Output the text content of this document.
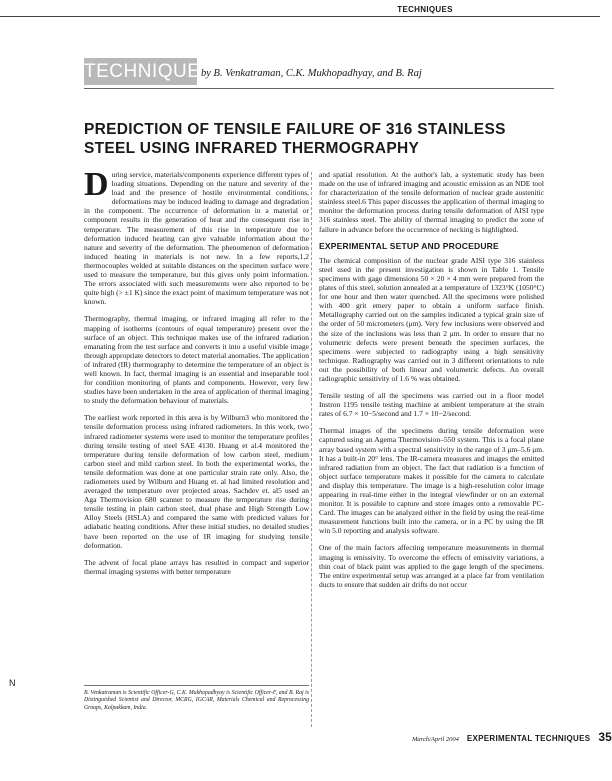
TECHNIQUES
TECHNIQUES
by B. Venkatraman, C.K. Mukhopadhyay, and B. Raj
PREDICTION OF TENSILE FAILURE OF 316 STAINLESS
STEEL USING INFRARED THERMOGRAPHY

During service, materials/components experience different types of loading situations. Depending on the nature and severity of the load and the presence of hostile environmental conditions, deformations may be induced leading to damage and degradation in the component. The occurrence of deformation in a material or component results in the generation of heat and the consequent rise in temperature. The measurement of this rise in temperature due to deformation induced heating can give valuable information about the nature and severity of the deformation. The phenomenon of deformation induced heating in materials is not new. In a few reports,1,2 thermocouples welded at suitable distances on the specimen surface were used to measure the temperature, but this gives only point information. The errors associated with such measurements were also reported to be quite high (> ±1 K) since the exact point of maximum temperature was not known.

Thermography, thermal imaging, or infrared imaging all refer to the mapping of isotherms (contours of equal temperature) present over the surface of an object. This technique makes use of the infrared radiation emanating from the test surface and converts it into a useful visible image through appropriate detectors to detect material anomalies. The application of infrared (IR) thermography to determine the temperature of an object is well known. In fact, thermal imaging is an essential and inseparable tool for condition monitoring of plants and components. However, very few studies have been undertaken in the area of application of thermal imaging to study the deformation behaviour of materials.

The earliest work reported in this area is by Wilburn3 who monitored the tensile deformation process using infrared radiometers. In this work, two infrared radiometer systems were used to monitor the temperature profiles during tensile testing of steel SAE 4130. Huang et al.4 monitored the temperature during tensile deformation of low carbon steel, medium carbon steel and mild carbon steel. In both the experimental works, the tensile deformation was done at one particular strain rate only. Also, the radiometers used by Wilburn and Huang et. al had limited resolution and averaged the temperature over projected areas. Sachdev et. al5 used an Aga Thermovision 680 scanner to measure the temperature rise during tensile testing in plain carbon steel, dual phase and High Strength Low Alloy Steels (HSLA) and compared the same with predicted values for adiabatic heating conditions. After these initial studies, no detailed studies have been reported on the use of IR imaging for studying tensile deformation.

The advent of focal plane arrays has resulted in compact and superior thermal imaging systems with better temperature

and spatial resolution. At the author's lab, a systematic study has been made on the use of infrared imaging and acoustic emission as an NDE tool for characterization of the tensile deformation of nuclear grade austenitic stainless steel.6 This paper discusses the application of thermal imaging to monitor the deformation process during tensile deformation of AISI type 316 stainless steel. The ability of thermal imaging to predict the zone of failure in advance before the occurrence of necking is highlighted.

EXPERIMENTAL SETUP AND PROCEDURE

The chemical composition of the nuclear grade AISI type 316 stainless steel used in the present investigation is shown in Table 1. Tensile specimens with gage dimensions 50 × 20 × 4 mm were prepared from the plates of this steel, solution annealed at a temperature of 1323°K (1050°C) for one hour and then water quenched. All the specimens were polished with 400 grit emery paper to obtain a uniform surface finish. Metallography carried out on the samples indicated a typical grain size of the order of 50 micrometers (μm). Very few inclusions were observed and the size of the inclusions was less than 2 μm. In order to ensure that no volumetric defects were present beneath the specimen surfaces, the specimens were subjected to radiography using a high sensitivity technique. Radiography was carried out in 3 different orientations to rule out the possibility of both linear and volumetric defects. An overall radiographic sensitivity of 1.6 % was obtained.

Tensile testing of all the specimens was carried out in a floor model Instron 1195 tensile testing machine at ambient temperature at the strain rates of 6.7 × 10−5/second and 1.7 × 10−2/second.

Thermal images of the specimens during tensile deformation were captured using an Agema Thermovision–550 system. This is a focal plane array based system with a spectral sensitivity in the range of 3 μm–5.6 μm. It has a built-in 20° lens. The IR-camera measures and images the emitted infrared radiation from an object. The fact that radiation is a function of object surface temperature makes it possible for the camera to calculate and display this temperature. The image is a high-resolution color image appearing in real-time either in the integral viewfinder or on an external monitor. It is possible to capture and store images onto a removable PC-Card. The images can be analyzed either in the field by using the real-time measurement functions built into the camera, or in a PC by using the IR win 5.0 reporting and analysis software.

One of the main factors affecting temperature measurements in thermal imaging is emissivity. To overcome the effects of emissivity variations, a thin coat of black paint was applied to the gage length of the specimens. The entire experimental setup was arranged at a place far from ventilation ducts to ensure that sudden air drifts do not occur

B. Venkatraman is Scientific Officer-G, C.K. Mukhopadhyay is Scientific Officer-F, and B. Raj is Distinguished Scientist and Director, MCRG, IGCAR, Materials Chemical and Reprocessing Groups, Kalpakkam, India.
N
March/April 2004 EXPERIMENTAL TECHNIQUES 35
